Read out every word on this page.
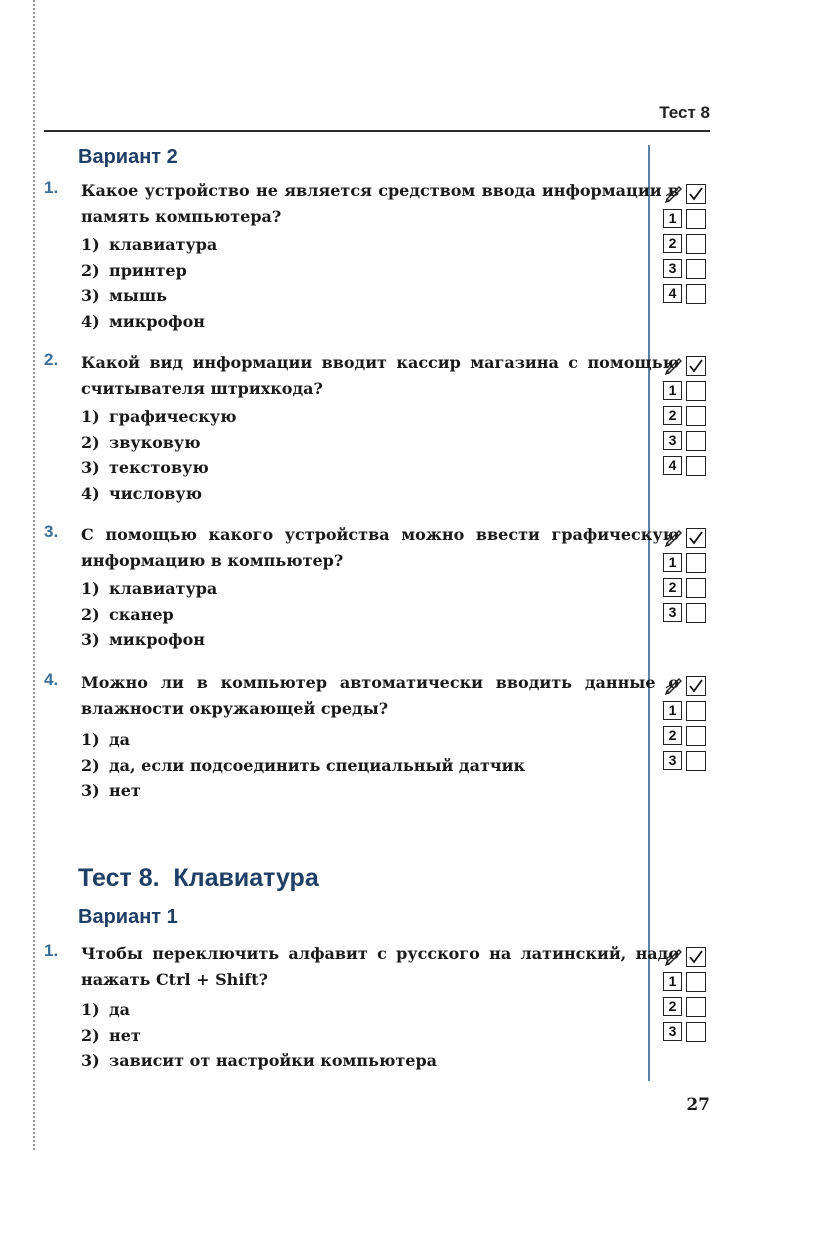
Тест 8
Вариант 2
1. Какое устройство не является средством ввода информации в память компьютера?
1) клавиатура
2) принтер
3) мышь
4) микрофон
1
2
3
4
2. Какой вид информации вводит кассир магазина с помощью считывателя штрихкода?
1) графическую
2) звуковую
3) текстовую
4) числовую
1
2
3
4
3. С помощью какого устройства можно ввести графическую информацию в компьютер?
1) клавиатура
2) сканер
3) микрофон
1
2
3
4. Можно ли в компьютер автоматически вводить данные о влажности окружающей среды?
1) да
2) да, если подсоединить специальный датчик
3) нет
1
2
3
Тест 8.  Клавиатура
Вариант 1
1. Чтобы переключить алфавит с русского на латинский, надо нажать Ctrl + Shift?
1) да
2) нет
3) зависит от настройки компьютера
1
2
3
27
